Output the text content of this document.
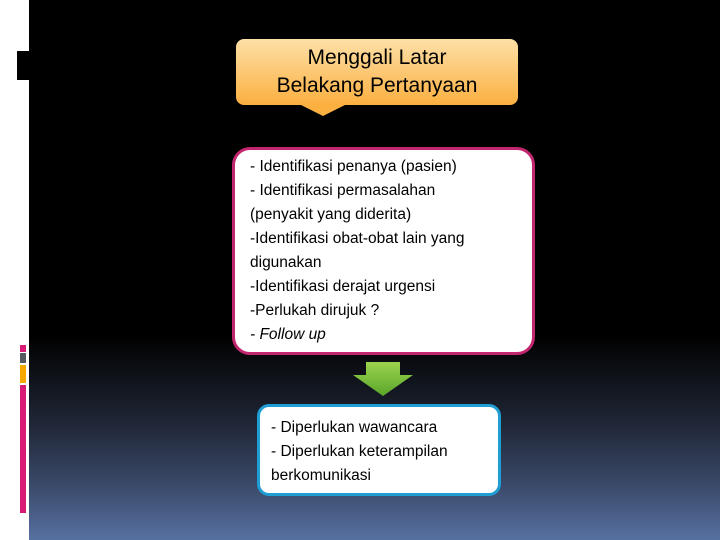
Menggali Latar
Belakang Pertanyaan
- Identifikasi penanya (pasien)
- Identifikasi permasalahan
(penyakit yang diderita)
-Identifikasi obat-obat lain yang
digunakan
-Identifikasi derajat urgensi
-Perlukah dirujuk ?
- Follow up
- Diperlukan wawancara
- Diperlukan keterampilan
berkomunikasi
